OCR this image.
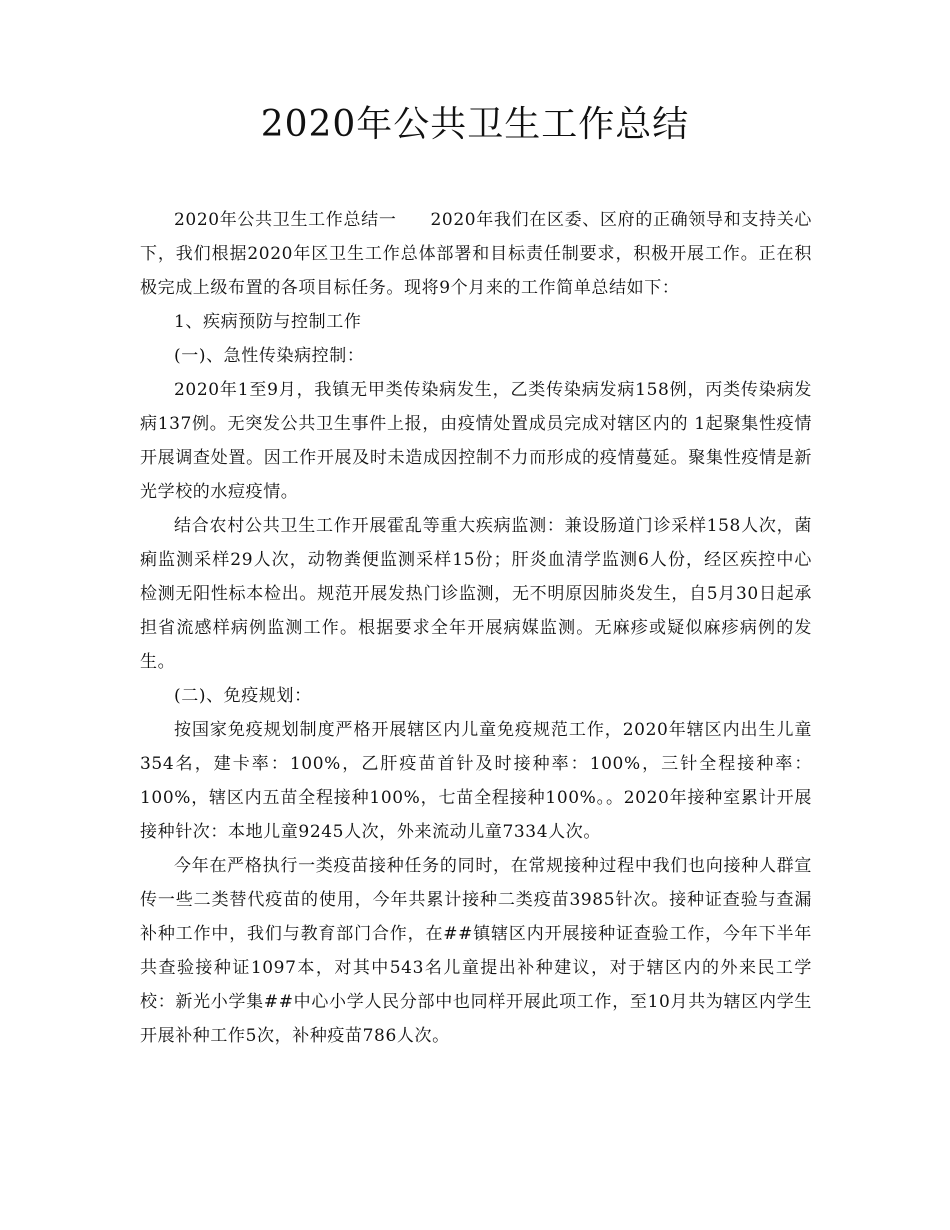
2020年公共卫生工作总结

2020年公共卫生工作总结一 2020年我们在区委、区府的正确领导和支持关心下，我们根据2020年区卫生工作总体部署和目标责任制要求，积极开展工作。正在积极完成上级布置的各项目标任务。现将9个月来的工作简单总结如下：

1、疾病预防与控制工作

(一)、急性传染病控制：

2020年1至9月，我镇无甲类传染病发生，乙类传染病发病158例，丙类传染病发病137例。无突发公共卫生事件上报，由疫情处置成员完成对辖区内的 1起聚集性疫情开展调查处置。因工作开展及时未造成因控制不力而形成的疫情蔓延。聚集性疫情是新光学校的水痘疫情。

结合农村公共卫生工作开展霍乱等重大疾病监测：兼设肠道门诊采样158人次，菌痢监测采样29人次，动物粪便监测采样15份；肝炎血清学监测6人份，经区疾控中心检测无阳性标本检出。规范开展发热门诊监测，无不明原因肺炎发生，自5月30日起承担省流感样病例监测工作。根据要求全年开展病媒监测。无麻疹或疑似麻疹病例的发生。

(二)、免疫规划：

按国家免疫规划制度严格开展辖区内儿童免疫规范工作，2020年辖区内出生儿童354名，建卡率：100%，乙肝疫苗首针及时接种率：100%，三针全程接种率：100%，辖区内五苗全程接种100%，七苗全程接种100%。。2020年接种室累计开展接种针次：本地儿童9245人次，外来流动儿童7334人次。

今年在严格执行一类疫苗接种任务的同时，在常规接种过程中我们也向接种人群宣传一些二类替代疫苗的使用，今年共累计接种二类疫苗3985针次。接种证查验与查漏补种工作中，我们与教育部门合作，在##镇辖区内开展接种证查验工作，今年下半年共查验接种证1097本，对其中543名儿童提出补种建议，对于辖区内的外来民工学校：新光小学集##中心小学人民分部中也同样开展此项工作，至10月共为辖区内学生开展补种工作5次，补种疫苗786人次。
